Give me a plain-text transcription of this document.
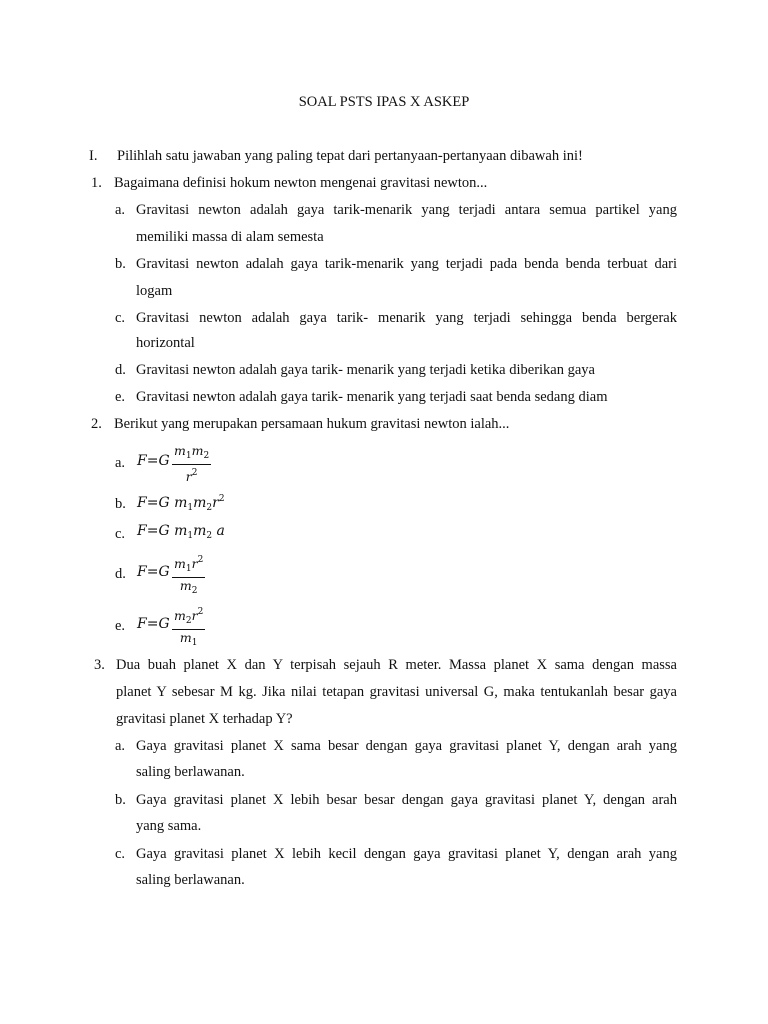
SOAL PSTS IPAS X ASKEP
I. Pilihlah satu jawaban yang paling tepat dari pertanyaan-pertanyaan dibawah ini!
1. Bagaimana definisi hokum newton mengenai gravitasi newton...
a. Gravitasi newton adalah gaya tarik-menarik yang terjadi antara semua partikel yang
memiliki massa di alam semesta
b. Gravitasi newton adalah gaya tarik-menarik yang terjadi pada benda benda terbuat dari
logam
c. Gravitasi newton adalah gaya tarik- menarik yang terjadi sehingga benda bergerak
horizontal
d. Gravitasi newton adalah gaya tarik- menarik yang terjadi ketika diberikan gaya
e. Gravitasi newton adalah gaya tarik- menarik yang terjadi saat benda sedang diam
2. Berikut yang merupakan persamaan hukum gravitasi newton ialah...
a. F=G
$m_1m_2$
$r^2$
b. F=G $m_1m_2r^2$
c. F=G $m_1m_2$ a
d. F=G
$m_1r^2$
$m_2$
e. F=G
$m_2r^2$
$m_1$
3. Dua buah planet X dan Y terpisah sejauh R meter. Massa planet X sama dengan massa
planet Y sebesar M kg. Jika nilai tetapan gravitasi universal G, maka tentukanlah besar gaya
gravitasi planet X terhadap Y?
a. Gaya gravitasi planet X sama besar dengan gaya gravitasi planet Y, dengan arah yang
saling berlawanan.
b. Gaya gravitasi planet X lebih besar besar dengan gaya gravitasi planet Y, dengan arah
yang sama.
c. Gaya gravitasi planet X lebih kecil dengan gaya gravitasi planet Y, dengan arah yang
saling berlawanan.
